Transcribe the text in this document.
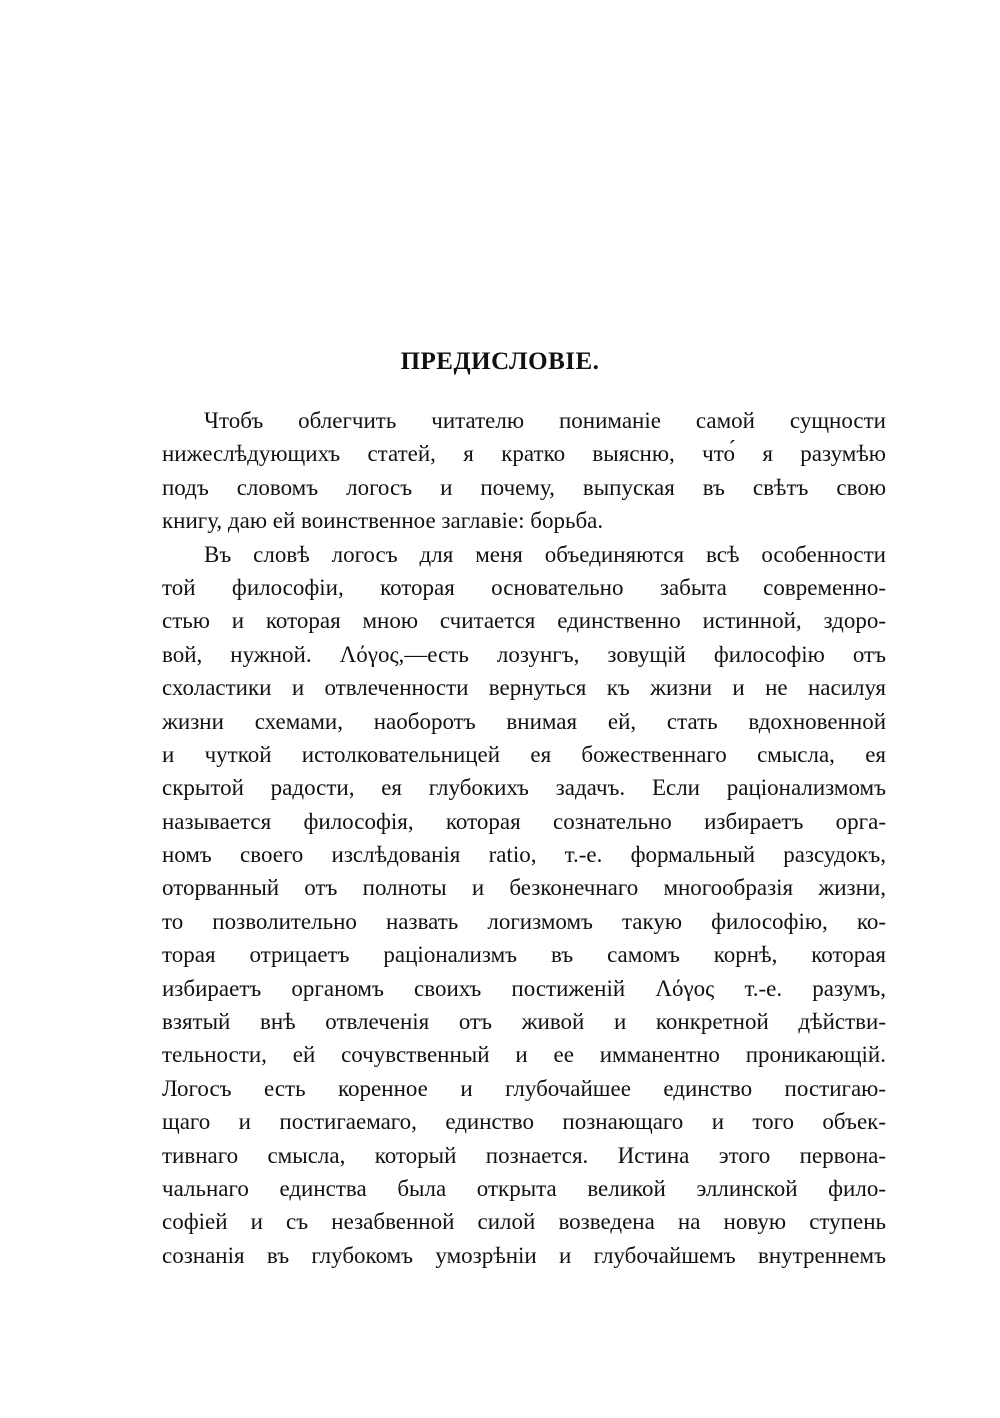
ПРЕДИСЛОВІЕ.
Чтобъ облегчить читателю пониманіе самой сущности
нижеслѣдующихъ статей, я кратко выясню, что́ я разумѣю
подъ словомъ логосъ и почему, выпуская въ свѣтъ свою
книгу, даю ей воинственное заглавіе: борьба.
Въ словѣ логосъ для меня объединяются всѣ особенности
той философіи, которая основательно забыта современно-
стью и которая мною считается единственно истинной, здоро-
вой, нужной. Λόγος,—есть лозунгъ, зовущій философію отъ
схоластики и отвлеченности вернуться къ жизни и не насилуя
жизни схемами, наоборотъ внимая ей, стать вдохновенной
и чуткой истолковательницей ея божественнаго смысла, ея
скрытой радости, ея глубокихъ задачъ. Если раціонализмомъ
называется философія, которая сознательно избираетъ орга-
номъ своего изслѣдованія ratio, т.-е. формальный разсудокъ,
оторванный отъ полноты и безконечнаго многообразія жизни,
то позволительно назвать логизмомъ такую философію, ко-
торая отрицаетъ раціонализмъ въ самомъ корнѣ, которая
избираетъ органомъ своихъ постиженій Λόγος т.-е. разумъ,
взятый внѣ отвлеченія отъ живой и конкретной дѣйстви-
тельности, ей сочувственный и ее имманентно проникающій.
Логосъ есть коренное и глубочайшее единство постигаю-
щаго и постигаемаго, единство познающаго и того объек-
тивнаго смысла, который познается. Истина этого первона-
чальнаго единства была открыта великой эллинской фило-
софіей и съ незабвенной силой возведена на новую ступень
сознанія въ глубокомъ умозрѣніи и глубочайшемъ внутреннемъ
